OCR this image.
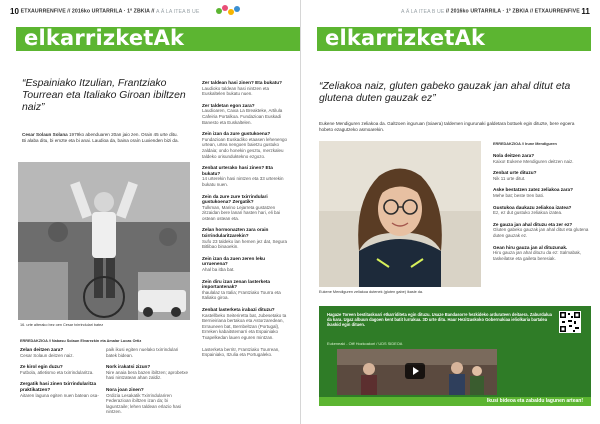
10 ETXAURRENFIVE // 2016ko URTARRILA · 1º ZBKIA // A Ä LA ITEA B UE
elkarrizketAk
“Espainiako Itzulian, Frantziako Tourrean eta Italiako Giroan ibiltzen naiz”
Cesar Solaun Solana 1979ko abenduaren 20an jaio zen. Orain 45 urte ditu. Bi alaba ditu, bi emzte eta bi anai. Laudioa da, baina oraín Luxienden bizi da.
16. urte alterako bez oen Cesar txirrindulari batez
ERREDAKZIOA // Nabasu Solaun Elvarezkin eta Amalar Lucas Ortiz
Zelan deitzen zara?
Cesar Solaun deitzen naiz.
Ze kirol egin duzu?
Futbola, atletismo eta txirrindularitza.
Zergatik hasi zinen txirrindularitza praktikatzen?
Aitaren laguna egiten nuen batean osa-
paik ikusi egiten nuelako txirrindulari batek bidean.
Nork irakatsi zizun?
Nire anaia bera bazen ibiltzen; aprobetxe hasi nintzatean ahan zaldiz.
Nora joan zinen?
Ordizia Lesakatik Txirrindulariren Federazioan ibiltzen izan da; bi laguntzaile; lehen taldean erlazio hasi nintzen.
Zer taldean hasi zinen? Eta bukatu?
Laudioko taldean hasi nintzen eta Euskaltelen bukatu nuen.
Zer taldetan egon zara?
Laudioaren, Caixa La Breakteke, Artilula Cafeiria Portalkoa. Fundazioan Euskadi Banesto eta Euskaltelen.
Zein izan da zure gustukoena?
Fundazioan Euskadiko etaasen lehenengo urtean, urtea nengoen baietzu gustuko zaldaia; ondo honekin gesztu, merzkaleu taldeko orisunduktekno ezgozo.
Zenbat urterako hasi zinen? Eta bukatu?
14 urterekin hasi nintzen eta 33 urterekin bukatu nuen.
Zein da zure zure txirrindulari gustukoena? Zergatik?
Tulkman, Marino Lejarreta gustatzen zitzaidan bere lanari hasten hari, eli bai ostean ostean eta.
Zelan hormonazten zara orain txirrindularitzarekin?
Sufo 23 taldeko lan hemen jez dat, Segura Bitlibao binaoekin.
Zein izan da zuen zeren leku urruenena?
Ahal ba itba bat.
Zein diru izan zenan lasterketa importantenak?
Ihaulalaz ta Italia; Frantziako Tourra eta Italiako giroa.
Zenbat lasterketa irabazi dituzu?
Kastellbeko Seiteriretta bat, Jubesetako ta Bernieiriana bertakoa eta Astorzaredean, Errauneen bat, Bernbeltzan (Portugal), Erreken kabaitstemarri eta Espainiako Txapelkedan lauen eguren mintzan.
Lasterketa berritr, Frantziako Tourrean, Espainiako, Itzulia eta Portugaleko.
A Ä LA ITEA B UE // 2016ko URTARRILA · 1º ZBKIA // ETXAURRENFIVE 11
elkarrizketAk
“Zeliakoa naiz, gluten gabeko gauzak jan ahal ditut eta glutena duten gauzak ez”
Eukene Mendiguren zeliakoa da. Galtzoen inguruan (txiaera) taldemen ingurunaki galdetara bottuek egin dituzte, bere egoera hobeto ezagutzeko asmoarekin.
Eukene Mendiguren zeliakoa dutenek (gluten gabe) ikasle da.
ERREDAKZIOA // Irune Mendiguren
Nola deitzen zara?
Kaixo! Eukene Mendiguren deitzen naiz.
Zenbat urte dituzu?
Nik 11 urte ditut.
Aske bestatzen zatez zeliakoa zara?
Mehe bat; beste tren bati.
Gustukoa daukazu zeliakoa izatea?
Ez, ez dut gustuko zeliakoa izatea.
Ze gauza jan ahal dituzu eta zer ez?
Gluten gabeko gauzak jan ahal ditut eta glutena duten gauzak ez.
Gean hiru gauza jan al dituzunak.
Hiru gauza jan ahal dituzu da ez: Salmabak, taskeilatse eta gaileta beresiak.
Hagaze Toreen bestitaskoari etkarriditeta egin dituzu. Usaze Bandasorre hezkideko ardurateen deitaera. Zaburdalua da kara. Ugaz albuun dagoen kent batit lurrakua. 3D urte ditu. Haur Hezitzaskoko Gobernukiaa ieliolkaria bartalea ikaskid egin dituen.
Eukeneaki - Oiff Hozkoakori / UDS SIDEOA
Ikusi bideoa eta zabaldu lagunen artean!
